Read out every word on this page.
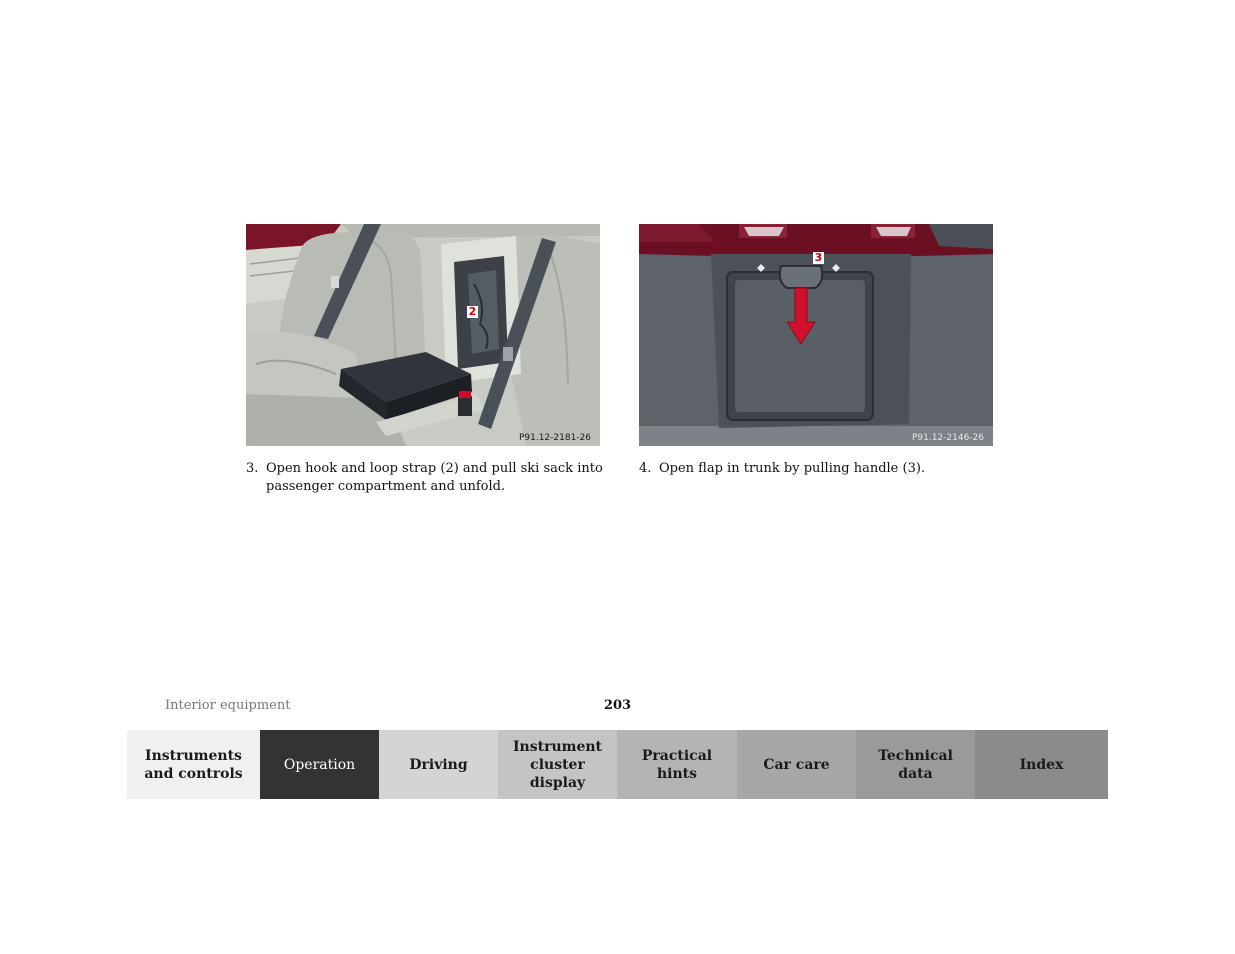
2
P91.12-2181-26
3
P91.12-2146-26
3. Open hook and loop strap (2) and pull ski sack into passenger compartment and unfold.
4. Open flap in trunk by pulling handle (3).
Interior equipment	203
Instruments
and controls
Operation	Driving
Instrument
cluster display
Practical hints
Car care
Technical
data
Index
